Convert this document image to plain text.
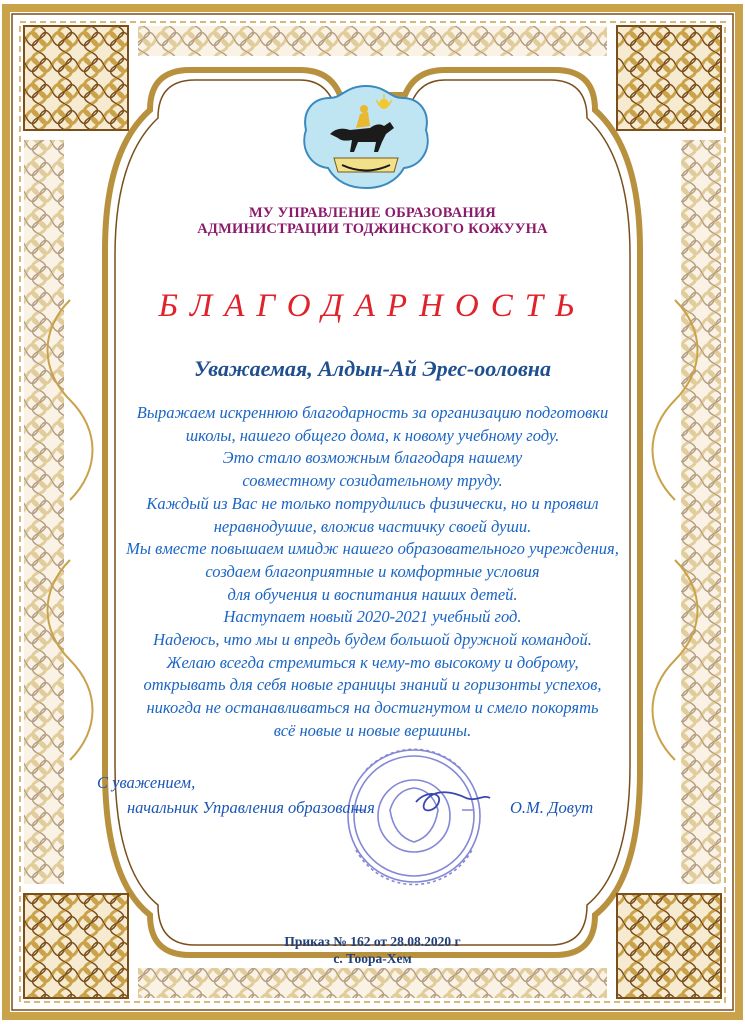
МУ УПРАВЛЕНИЕ ОБРАЗОВАНИЯ
АДМИНИСТРАЦИИ ТОДЖИНСКОГО КОЖУУНА
БЛАГОДАРНОСТЬ
Уважаемая, Алдын-Ай Эрес-ооловна
Выражаем искреннюю благодарность за организацию подготовки
школы, нашего общего дома, к новому учебному году.
Это стало возможным благодаря нашему
совместному созидательному труду.
Каждый из Вас не только потрудились физически, но и проявил
неравнодушие, вложив частичку своей души.
Мы вместе повышаем имидж нашего образовательного учреждения,
создаем благоприятные и комфортные условия
для обучения и воспитания наших детей.
Наступает новый 2020-2021 учебный год.
Надеюсь, что мы и впредь будем большой дружной командой.
Желаю всегда стремиться к чему-то высокому и доброму,
открывать для себя новые границы знаний и горизонты успехов,
никогда не останавливаться на достигнутом и смело покорять
всё новые и новые вершины.
С уважением,
начальник Управления образования	О.М. Довут
Приказ № 162 от 28.08.2020 г
с. Тоора-Хем
